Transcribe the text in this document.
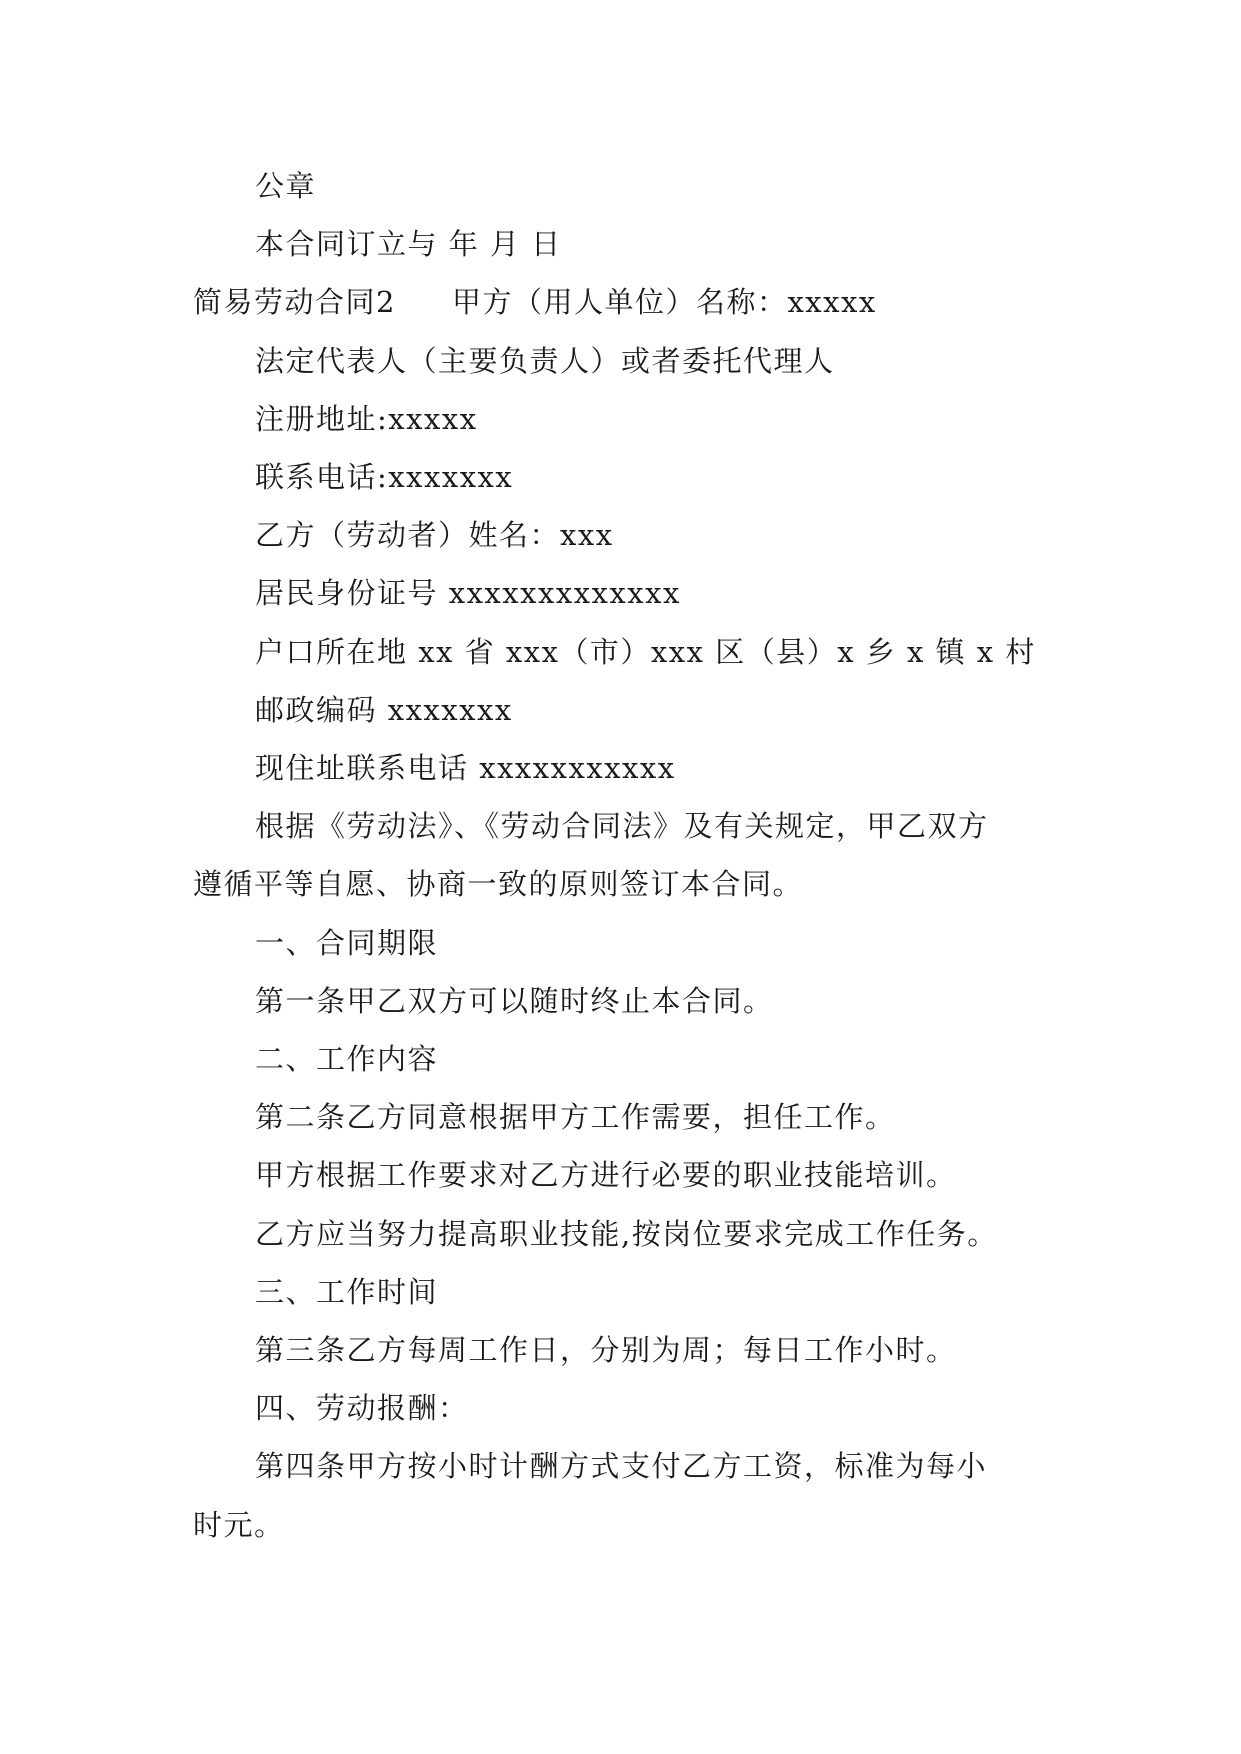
公章
本合同订立与 年 月 日
简易劳动合同2 甲方（用人单位）名称：xxxxx
法定代表人（主要负责人）或者委托代理人
注册地址:xxxxx
联系电话:xxxxxxx
乙方（劳动者）姓名：xxx
居民身份证号 xxxxxxxxxxxxx
户口所在地 xx 省 xxx（市）xxx 区（县）x 乡 x 镇 x 村
邮政编码 xxxxxxx
现住址联系电话 xxxxxxxxxxx
根据《劳动法》、《劳动合同法》及有关规定，甲乙双方
遵循平等自愿、协商一致的原则签订本合同。
一、合同期限
第一条甲乙双方可以随时终止本合同。
二、工作内容
第二条乙方同意根据甲方工作需要，担任工作。
甲方根据工作要求对乙方进行必要的职业技能培训。
乙方应当努力提高职业技能,按岗位要求完成工作任务。
三、工作时间
第三条乙方每周工作日，分别为周；每日工作小时。
四、劳动报酬：
第四条甲方按小时计酬方式支付乙方工资，标准为每小
时元。
